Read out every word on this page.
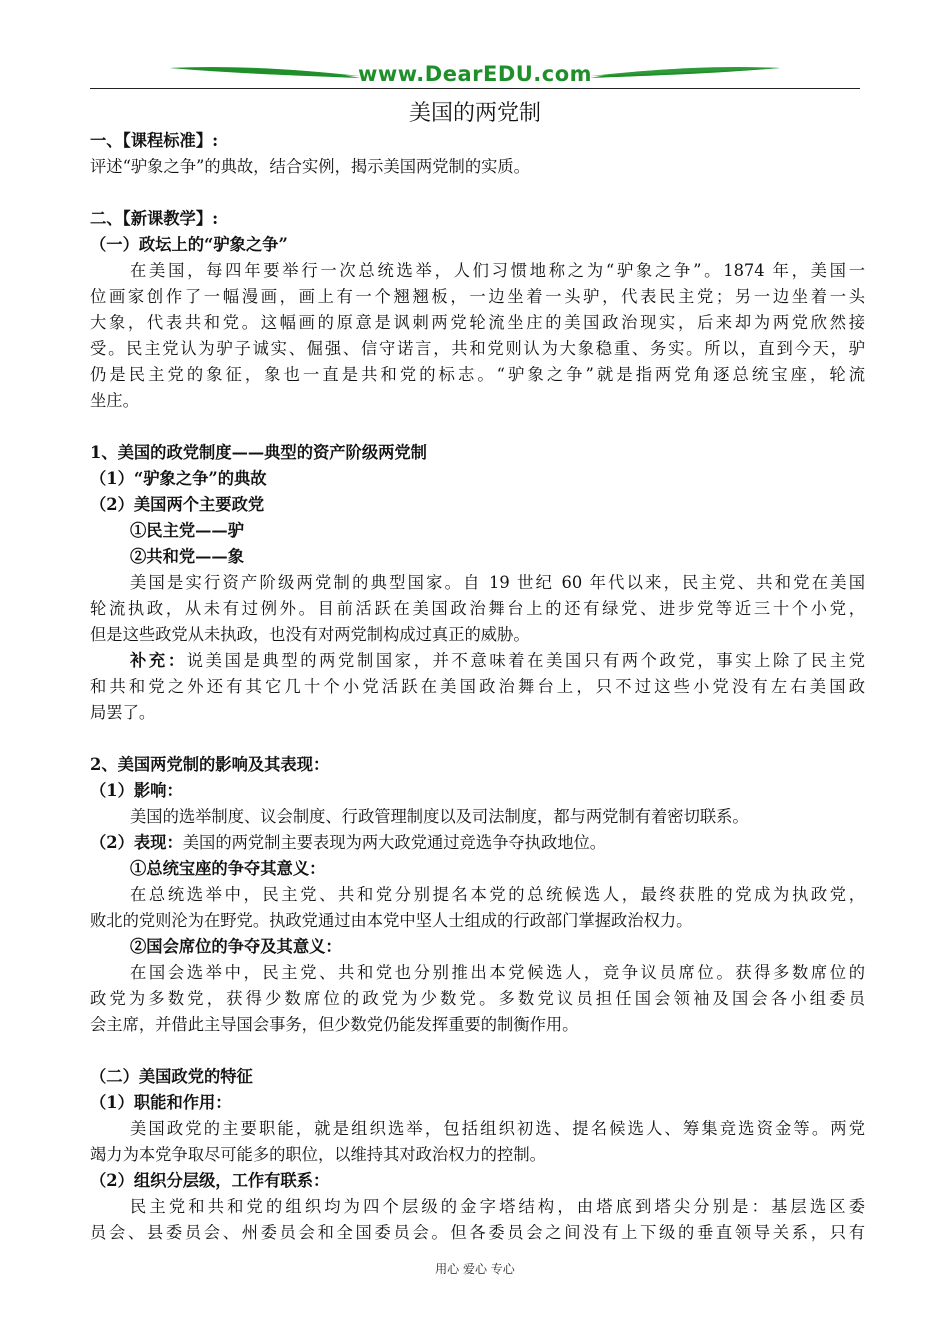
www.DearEDU.com
美国的两党制
一、【课程标准】:
评述“驴象之争”的典故，结合实例，揭示美国两党制的实质。
二、【新课教学】:
（一）政坛上的“驴象之争”
在美国，每四年要举行一次总统选举，人们习惯地称之为“驴象之争”。1874 年，美国一
位画家创作了一幅漫画，画上有一个翘翘板，一边坐着一头驴，代表民主党；另一边坐着一头
大象，代表共和党。这幅画的原意是讽刺两党轮流坐庄的美国政治现实，后来却为两党欣然接
受。民主党认为驴子诚实、倔强、信守诺言，共和党则认为大象稳重、务实。所以，直到今天，驴
仍是民主党的象征，象也一直是共和党的标志。“驴象之争”就是指两党角逐总统宝座，轮流
坐庄。
1、美国的政党制度——典型的资产阶级两党制
（1）“驴象之争”的典故
（2）美国两个主要政党
①民主党——驴
②共和党——象
美国是实行资产阶级两党制的典型国家。自 19 世纪 60 年代以来，民主党、共和党在美国
轮流执政，从未有过例外。目前活跃在美国政治舞台上的还有绿党、进步党等近三十个小党，
但是这些政党从未执政，也没有对两党制构成过真正的威胁。
补充：说美国是典型的两党制国家，并不意味着在美国只有两个政党，事实上除了民主党
和共和党之外还有其它几十个小党活跃在美国政治舞台上，只不过这些小党没有左右美国政
局罢了。
2、美国两党制的影响及其表现：
（1）影响：
美国的选举制度、议会制度、行政管理制度以及司法制度，都与两党制有着密切联系。
（2）表现：美国的两党制主要表现为两大政党通过竞选争夺执政地位。
①总统宝座的争夺其意义：
在总统选举中，民主党、共和党分别提名本党的总统候选人，最终获胜的党成为执政党，
败北的党则沦为在野党。执政党通过由本党中坚人士组成的行政部门掌握政治权力。
②国会席位的争夺及其意义：
在国会选举中，民主党、共和党也分别推出本党候选人，竞争议员席位。获得多数席位的
政党为多数党，获得少数席位的政党为少数党。多数党议员担任国会领袖及国会各小组委员
会主席，并借此主导国会事务，但少数党仍能发挥重要的制衡作用。
（二）美国政党的特征
（1）职能和作用：
美国政党的主要职能，就是组织选举，包括组织初选、提名候选人、筹集竞选资金等。两党
竭力为本党争取尽可能多的职位，以维持其对政治权力的控制。
（2）组织分层级，工作有联系：
民主党和共和党的组织均为四个层级的金字塔结构，由塔底到塔尖分别是：基层选区委
员会、县委员会、州委员会和全国委员会。但各委员会之间没有上下级的垂直领导关系，只有
用心 爱心 专心
